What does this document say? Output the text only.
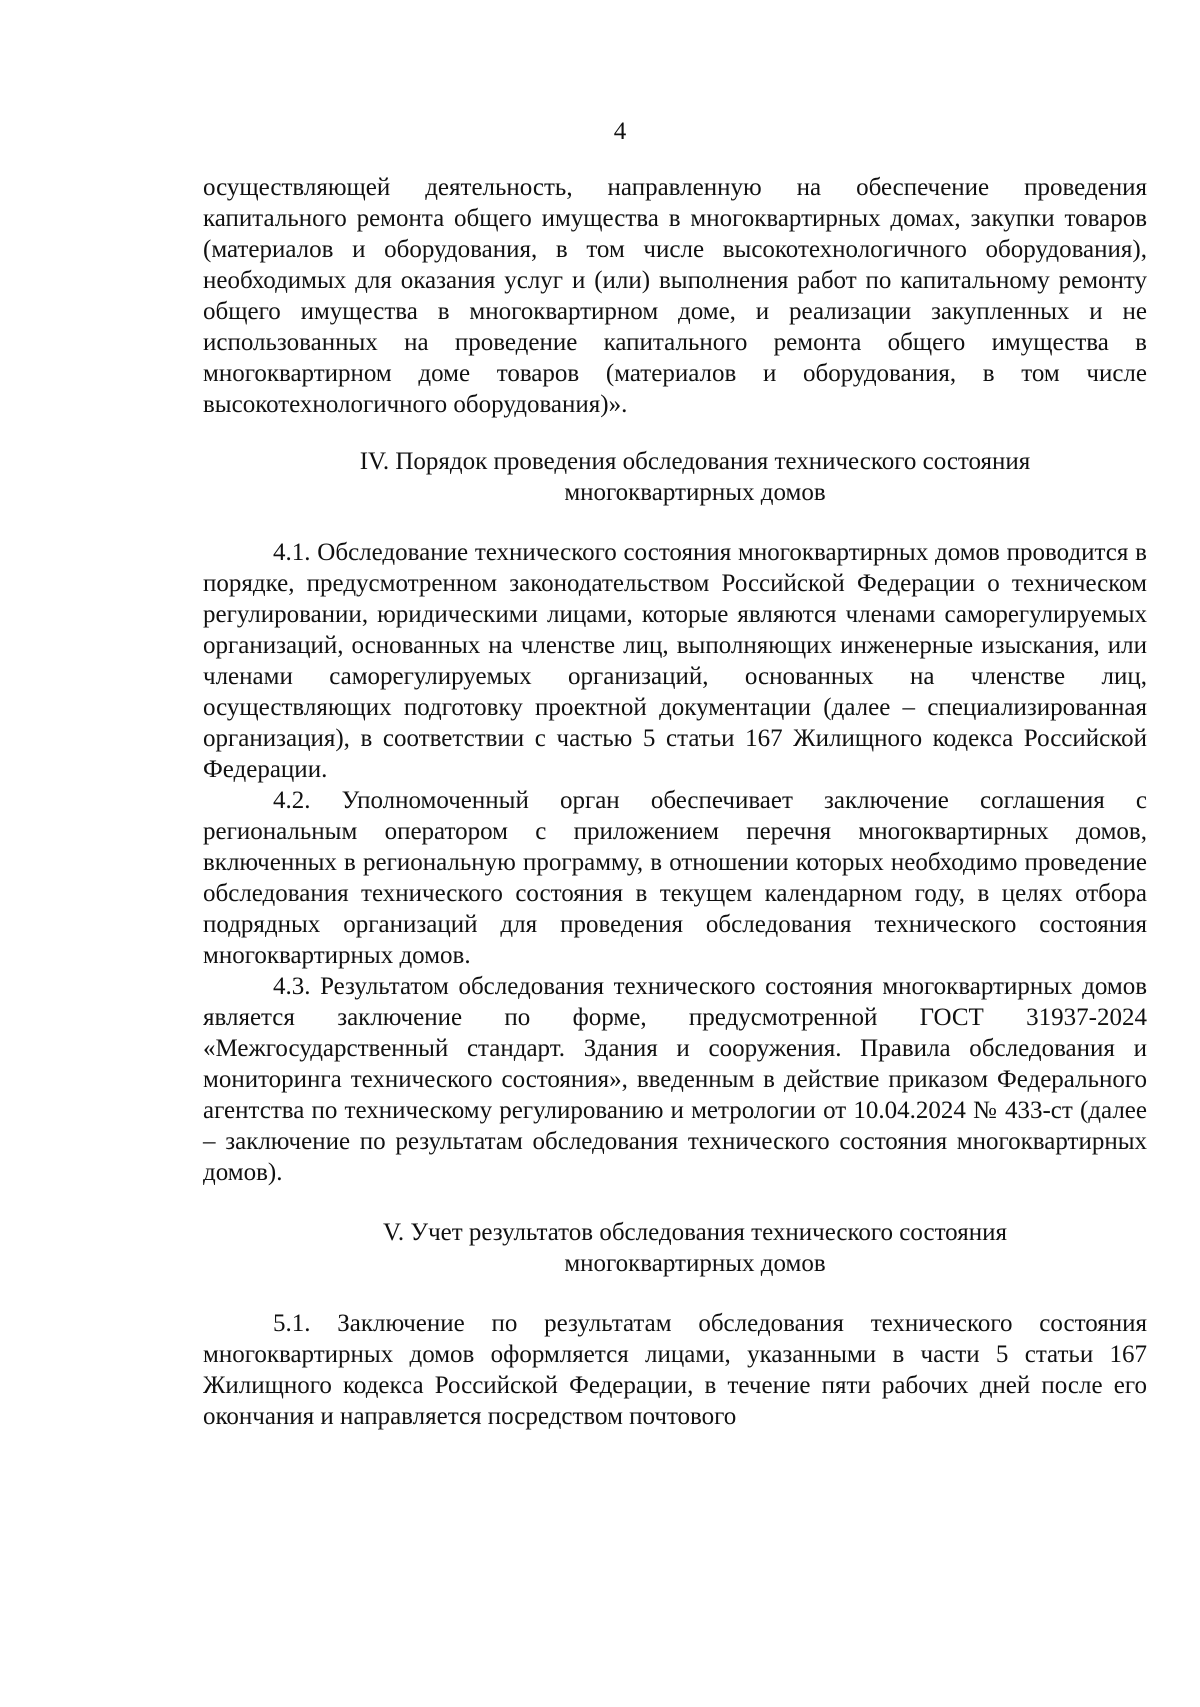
4

осуществляющей деятельность, направленную на обеспечение проведения капитального ремонта общего имущества в многоквартирных домах, закупки товаров (материалов и оборудования, в том числе высокотехнологичного оборудования), необходимых для оказания услуг и (или) выполнения работ по капитальному ремонту общего имущества в многоквартирном доме, и реализации закупленных и не использованных на проведение капитального ремонта общего имущества в многоквартирном доме товаров (материалов и оборудования, в том числе высокотехнологичного оборудования)».

IV. Порядок проведения обследования технического состояния
многоквартирных домов

4.1. Обследование технического состояния многоквартирных домов проводится в порядке, предусмотренном законодательством Российской Федерации о техническом регулировании, юридическими лицами, которые являются членами саморегулируемых организаций, основанных на членстве лиц, выполняющих инженерные изыскания, или членами саморегулируемых организаций, основанных на членстве лиц, осуществляющих подготовку проектной документации (далее – специализированная организация), в соответствии с частью 5 статьи 167 Жилищного кодекса Российской Федерации.

4.2. Уполномоченный орган обеспечивает заключение соглашения с региональным оператором с приложением перечня многоквартирных домов, включенных в региональную программу, в отношении которых необходимо проведение обследования технического состояния в текущем календарном году, в целях отбора подрядных организаций для проведения обследования технического состояния многоквартирных домов.

4.3. Результатом обследования технического состояния многоквартирных домов является заключение по форме, предусмотренной ГОСТ 31937-2024 «Межгосударственный стандарт. Здания и сооружения. Правила обследования и мониторинга технического состояния», введенным в действие приказом Федерального агентства по техническому регулированию и метрологии от 10.04.2024 № 433-ст (далее – заключение по результатам обследования технического состояния многоквартирных домов).

V. Учет результатов обследования технического состояния
многоквартирных домов

5.1. Заключение по результатам обследования технического состояния многоквартирных домов оформляется лицами, указанными в части 5 статьи 167 Жилищного кодекса Российской Федерации, в течение пяти рабочих дней после его окончания и направляется посредством почтового
